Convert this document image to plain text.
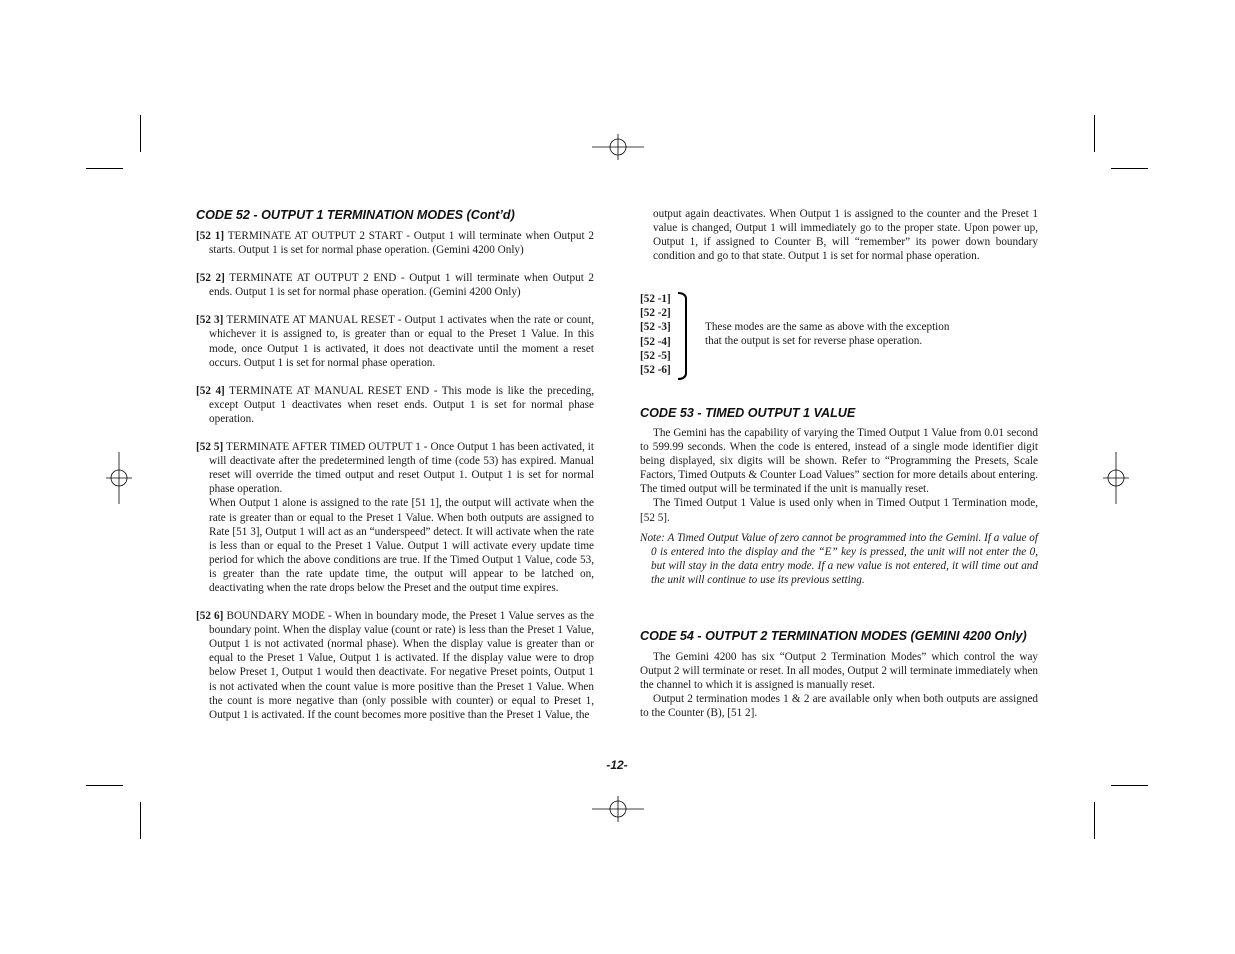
CODE 52 - OUTPUT 1 TERMINATION MODES (Cont’d)

[52 1] TERMINATE AT OUTPUT 2 START - Output 1 will terminate when Output 2 starts. Output 1 is set for normal phase operation. (Gemini 4200 Only)

[52 2] TERMINATE AT OUTPUT 2 END - Output 1 will terminate when Output 2 ends. Output 1 is set for normal phase operation. (Gemini 4200 Only)

[52 3] TERMINATE AT MANUAL RESET - Output 1 activates when the rate or count, whichever it is assigned to, is greater than or equal to the Preset 1 Value. In this mode, once Output 1 is activated, it does not deactivate until the moment a reset occurs. Output 1 is set for normal phase operation.

[52 4] TERMINATE AT MANUAL RESET END - This mode is like the preceding, except Output 1 deactivates when reset ends. Output 1 is set for normal phase operation.

[52 5] TERMINATE AFTER TIMED OUTPUT 1 - Once Output 1 has been activated, it will deactivate after the predetermined length of time (code 53) has expired. Manual reset will override the timed output and reset Output 1. Output 1 is set for normal phase operation.

When Output 1 alone is assigned to the rate [51 1], the output will activate when the rate is greater than or equal to the Preset 1 Value. When both outputs are assigned to Rate [51 3], Output 1 will act as an “underspeed” detect. It will activate when the rate is less than or equal to the Preset 1 Value. Output 1 will activate every update time period for which the above conditions are true. If the Timed Output 1 Value, code 53, is greater than the rate update time, the output will appear to be latched on, deactivating when the rate drops below the Preset and the output time expires.

[52 6] BOUNDARY MODE - When in boundary mode, the Preset 1 Value serves as the boundary point. When the display value (count or rate) is less than the Preset 1 Value, Output 1 is not activated (normal phase). When the display value is greater than or equal to the Preset 1 Value, Output 1 is activated. If the display value were to drop below Preset 1, Output 1 would then deactivate. For negative Preset points, Output 1 is not activated when the count value is more positive than the Preset 1 Value. When the count is more negative than (only possible with counter) or equal to Preset 1, Output 1 is activated. If the count becomes more positive than the Preset 1 Value, the

output again deactivates. When Output 1 is assigned to the counter and the Preset 1 value is changed, Output 1 will immediately go to the proper state. Upon power up, Output 1, if assigned to Counter B, will “remember” its power down boundary condition and go to that state. Output 1 is set for normal phase operation.

[52 -1]
[52 -2]
[52 -3]
[52 -4]
[52 -5]
[52 -6]
These modes are the same as above with the exception
that the output is set for reverse phase operation.
CODE 53 - TIMED OUTPUT 1 VALUE

The Gemini has the capability of varying the Timed Output 1 Value from 0.01 second to 599.99 seconds. When the code is entered, instead of a single mode identifier digit being displayed, six digits will be shown. Refer to “Programming the Presets, Scale Factors, Timed Outputs & Counter Load Values” section for more details about entering. The timed output will be terminated if the unit is manually reset.

The Timed Output 1 Value is used only when in Timed Output 1 Termination mode, [52 5].

Note: A Timed Output Value of zero cannot be programmed into the Gemini. If a value of 0 is entered into the display and the “E” key is pressed, the unit will not enter the 0, but will stay in the data entry mode. If a new value is not entered, it will time out and the unit will continue to use its previous setting.

CODE 54 - OUTPUT 2 TERMINATION MODES (GEMINI 4200 Only)

The Gemini 4200 has six “Output 2 Termination Modes” which control the way Output 2 will terminate or reset. In all modes, Output 2 will terminate immediately when the channel to which it is assigned is manually reset.

Output 2 termination modes 1 & 2 are available only when both outputs are assigned to the Counter (B), [51 2].

-12-
